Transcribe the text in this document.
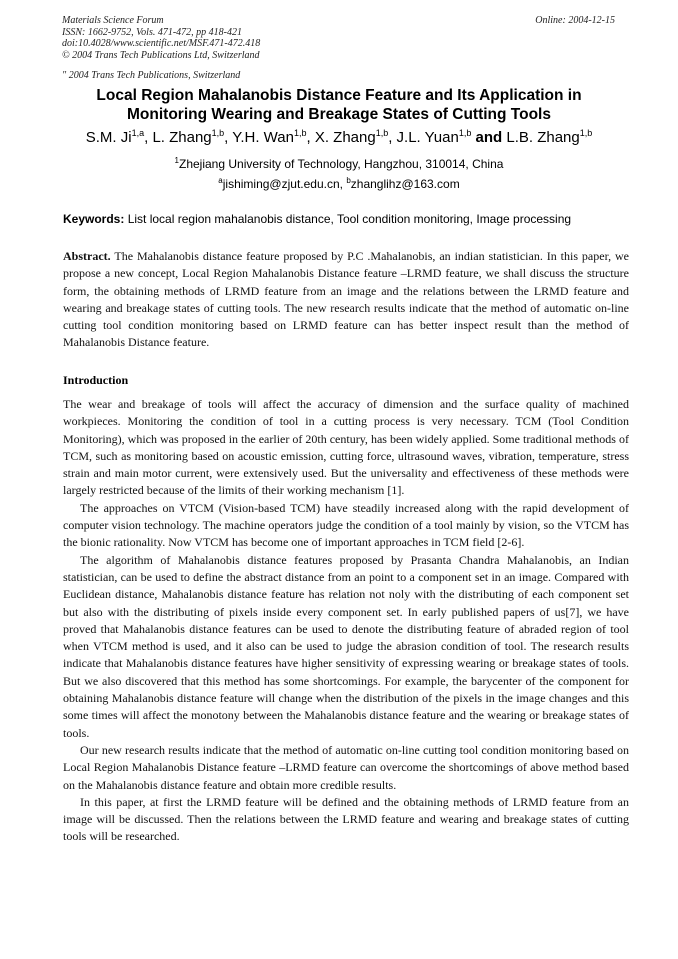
Materials Science Forum
ISSN: 1662-9752, Vols. 471-472, pp 418-421
doi:10.4028/www.scientific.net/MSF.471-472.418
© 2004 Trans Tech Publications Ltd, Switzerland
Online: 2004-12-15
" 2004 Trans Tech Publications, Switzerland
Local Region Mahalanobis Distance Feature and Its Application in Monitoring Wearing and Breakage States of Cutting Tools
S.M. Ji$^{1,a}$, L. Zhang$^{1,b}$, Y.H. Wan$^{1,b}$, X. Zhang$^{1,b}$, J.L. Yuan$^{1,b}$ and L.B. Zhang$^{1,b}$
$^1$Zhejiang University of Technology, Hangzhou, 310014, China
$^a$jishiming@zjut.edu.cn, $^b$zhanglihz@163.com
Keywords: List local region mahalanobis distance, Tool condition monitoring, Image processing

Abstract. The Mahalanobis distance feature proposed by P.C .Mahalanobis, an indian statistician. In this paper, we propose a new concept, Local Region Mahalanobis Distance feature –LRMD feature, we shall discuss the structure form, the obtaining methods of LRMD feature from an image and the relations between the LRMD feature and wearing and breakage states of cutting tools. The new research results indicate that the method of automatic on-line cutting tool condition monitoring based on LRMD feature can has better inspect result than the method of Mahalanobis Distance feature.

Introduction

The wear and breakage of tools will affect the accuracy of dimension and the surface quality of machined workpieces. Monitoring the condition of tool in a cutting process is very necessary. TCM (Tool Condition Monitoring), which was proposed in the earlier of 20th century, has been widely applied. Some traditional methods of TCM, such as monitoring based on acoustic emission, cutting force, ultrasound waves, vibration, temperature, stress strain and main motor current, were extensively used. But the universality and effectiveness of these methods were largely restricted because of the limits of their working mechanism [1].

The approaches on VTCM (Vision-based TCM) have steadily increased along with the rapid development of computer vision technology. The machine operators judge the condition of a tool mainly by vision, so the VTCM has the bionic rationality. Now VTCM has become one of important approaches in TCM field [2-6].

The algorithm of Mahalanobis distance features proposed by Prasanta Chandra Mahalanobis, an Indian statistician, can be used to define the abstract distance from an point to a component set in an image. Compared with Euclidean distance, Mahalanobis distance feature has relation not noly with the distributing of each component set but also with the distributing of pixels inside every component set. In early published papers of us[7], we have proved that Mahalanobis distance features can be used to denote the distributing feature of abraded region of tool when VTCM method is used, and it also can be used to judge the abrasion condition of tool. The research results indicate that Mahalanobis distance features have higher sensitivity of expressing wearing or breakage states of tools. But we also discovered that this method has some shortcomings. For example, the barycenter of the component for obtaining Mahalanobis distance feature will change when the distribution of the pixels in the image changes and this some times will affect the monotony between the Mahalanobis distance feature and the wearing or breakage states of tools.

Our new research results indicate that the method of automatic on-line cutting tool condition monitoring based on Local Region Mahalanobis Distance feature –LRMD feature can overcome the shortcomings of above method based on the Mahalanobis distance feature and obtain more credible results.

In this paper, at first the LRMD feature will be defined and the obtaining methods of LRMD feature from an image will be discussed. Then the relations between the LRMD feature and wearing and breakage states of cutting tools will be researched.
